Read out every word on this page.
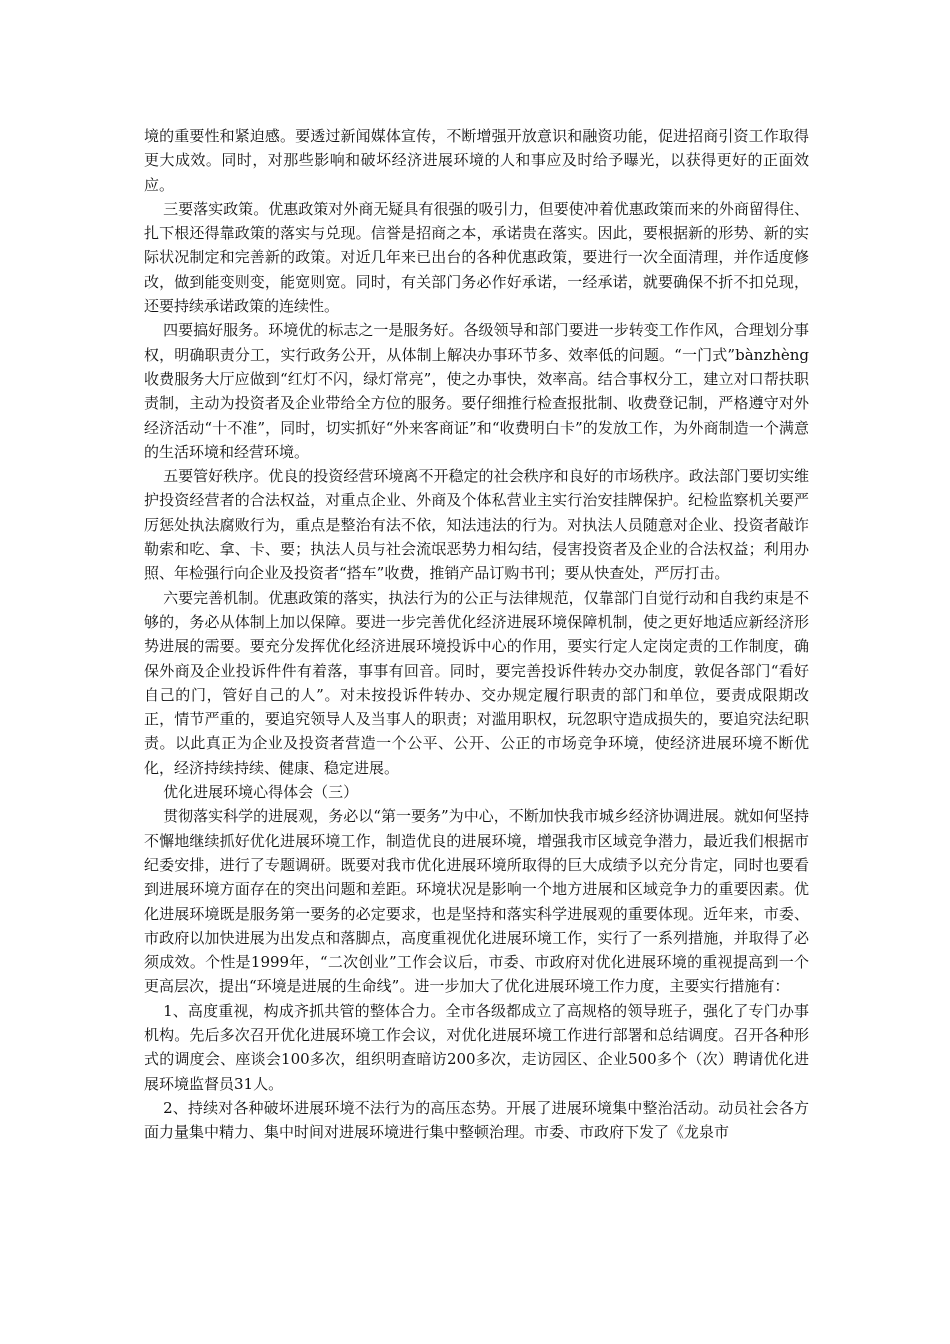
境的重要性和紧迫感。要透过新闻媒体宣传，不断增强开放意识和融资功能，促进招商引资工作取得更大成效。同时，对那些影响和破坏经济进展环境的人和事应及时给予曝光，以获得更好的正面效应。

三要落实政策。优惠政策对外商无疑具有很强的吸引力，但要使冲着优惠政策而来的外商留得住、扎下根还得靠政策的落实与兑现。信誉是招商之本，承诺贵在落实。因此，要根据新的形势、新的实际状况制定和完善新的政策。对近几年来已出台的各种优惠政策，要进行一次全面清理，并作适度修改，做到能变则变，能宽则宽。同时，有关部门务必作好承诺，一经承诺，就要确保不折不扣兑现，还要持续承诺政策的连续性。

四要搞好服务。环境优的标志之一是服务好。各级领导和部门要进一步转变工作作风，合理划分事权，明确职责分工，实行政务公开，从体制上解决办事环节多、效率低的问题。“一门式”bànzhèng收费服务大厅应做到“红灯不闪，绿灯常亮”，使之办事快，效率高。结合事权分工，建立对口帮扶职责制，主动为投资者及企业带给全方位的服务。要仔细推行检查报批制、收费登记制，严格遵守对外经济活动“十不准”，同时，切实抓好“外来客商证”和“收费明白卡”的发放工作，为外商制造一个满意的生活环境和经营环境。

五要管好秩序。优良的投资经营环境离不开稳定的社会秩序和良好的市场秩序。政法部门要切实维护投资经营者的合法权益，对重点企业、外商及个体私营业主实行治安挂牌保护。纪检监察机关要严厉惩处执法腐败行为，重点是整治有法不依，知法违法的行为。对执法人员随意对企业、投资者敲诈勒索和吃、拿、卡、要；执法人员与社会流氓恶势力相勾结，侵害投资者及企业的合法权益；利用办照、年检强行向企业及投资者“搭车”收费，推销产品订购书刊；要从快查处，严厉打击。

六要完善机制。优惠政策的落实，执法行为的公正与法律规范，仅靠部门自觉行动和自我约束是不够的，务必从体制上加以保障。要进一步完善优化经济进展环境保障机制，使之更好地适应新经济形势进展的需要。要充分发挥优化经济进展环境投诉中心的作用，要实行定人定岗定责的工作制度，确保外商及企业投诉件件有着落，事事有回音。同时，要完善投诉件转办交办制度，敦促各部门“看好自己的门，管好自己的人”。对未按投诉件转办、交办规定履行职责的部门和单位，要责成限期改正，情节严重的，要追究领导人及当事人的职责；对滥用职权，玩忽职守造成损失的，要追究法纪职责。以此真正为企业及投资者营造一个公平、公开、公正的市场竞争环境，使经济进展环境不断优化，经济持续持续、健康、稳定进展。

优化进展环境心得体会（三）

贯彻落实科学的进展观，务必以“第一要务”为中心，不断加快我市城乡经济协调进展。就如何坚持不懈地继续抓好优化进展环境工作，制造优良的进展环境，增强我市区域竞争潜力，最近我们根据市纪委安排，进行了专题调研。既要对我市优化进展环境所取得的巨大成绩予以充分肯定，同时也要看到进展环境方面存在的突出问题和差距。环境状况是影响一个地方进展和区域竞争力的重要因素。优化进展环境既是服务第一要务的必定要求，也是坚持和落实科学进展观的重要体现。近年来，市委、市政府以加快进展为出发点和落脚点，高度重视优化进展环境工作，实行了一系列措施，并取得了必须成效。个性是1999年，“二次创业”工作会议后，市委、市政府对优化进展环境的重视提高到一个更高层次，提出“环境是进展的生命线”。进一步加大了优化进展环境工作力度，主要实行措施有：

1、高度重视，构成齐抓共管的整体合力。全市各级都成立了高规格的领导班子，强化了专门办事机构。先后多次召开优化进展环境工作会议，对优化进展环境工作进行部署和总结调度。召开各种形式的调度会、座谈会100多次，组织明查暗访200多次，走访园区、企业500多个（次）聘请优化进展环境监督员31人。

2、持续对各种破坏进展环境不法行为的高压态势。开展了进展环境集中整治活动。动员社会各方面力量集中精力、集中时间对进展环境进行集中整顿治理。市委、市政府下发了《龙泉市
